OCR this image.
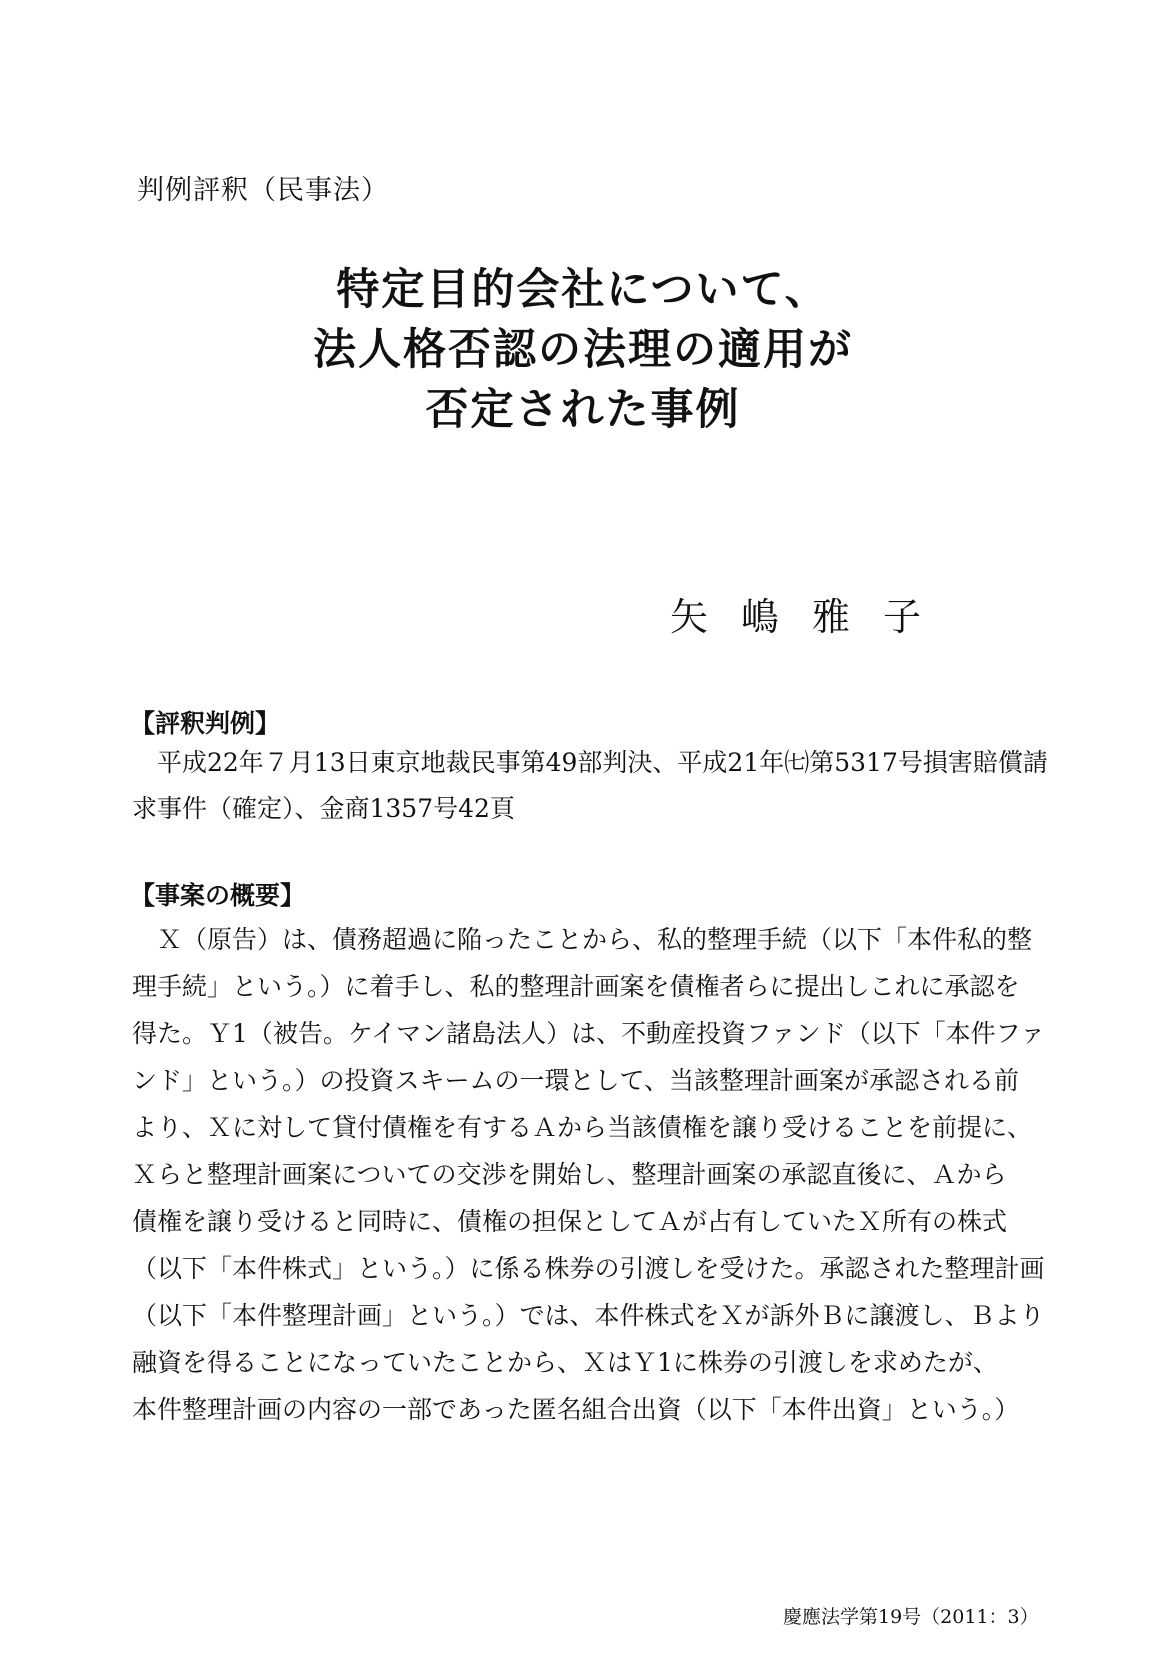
判例評釈（民事法）
特定目的会社について、
法人格否認の法理の適用が
否定された事例
矢嶋雅子
【評釈判例】
　平成22年７月13日東京地裁民事第49部判決、平成21年㈦第5317号損害賠償請
求事件（確定）、金商1357号42頁
【事案の概要】
　Ｘ（原告）は、債務超過に陥ったことから、私的整理手続（以下「本件私的整
理手続」という。）に着手し、私的整理計画案を債権者らに提出しこれに承認を
得た。Ｙ1（被告。ケイマン諸島法人）は、不動産投資ファンド（以下「本件ファ
ンド」という。）の投資スキームの一環として、当該整理計画案が承認される前
より、Ｘに対して貸付債権を有するＡから当該債権を譲り受けることを前提に、
Ｘらと整理計画案についての交渉を開始し、整理計画案の承認直後に、Ａから
債権を譲り受けると同時に、債権の担保としてＡが占有していたＸ所有の株式
（以下「本件株式」という。）に係る株券の引渡しを受けた。承認された整理計画
（以下「本件整理計画」という。）では、本件株式をＸが訴外Ｂに譲渡し、Ｂより
融資を得ることになっていたことから、ＸはＹ1に株券の引渡しを求めたが、
本件整理計画の内容の一部であった匿名組合出資（以下「本件出資」という。）
慶應法学第19号（2011：3）
